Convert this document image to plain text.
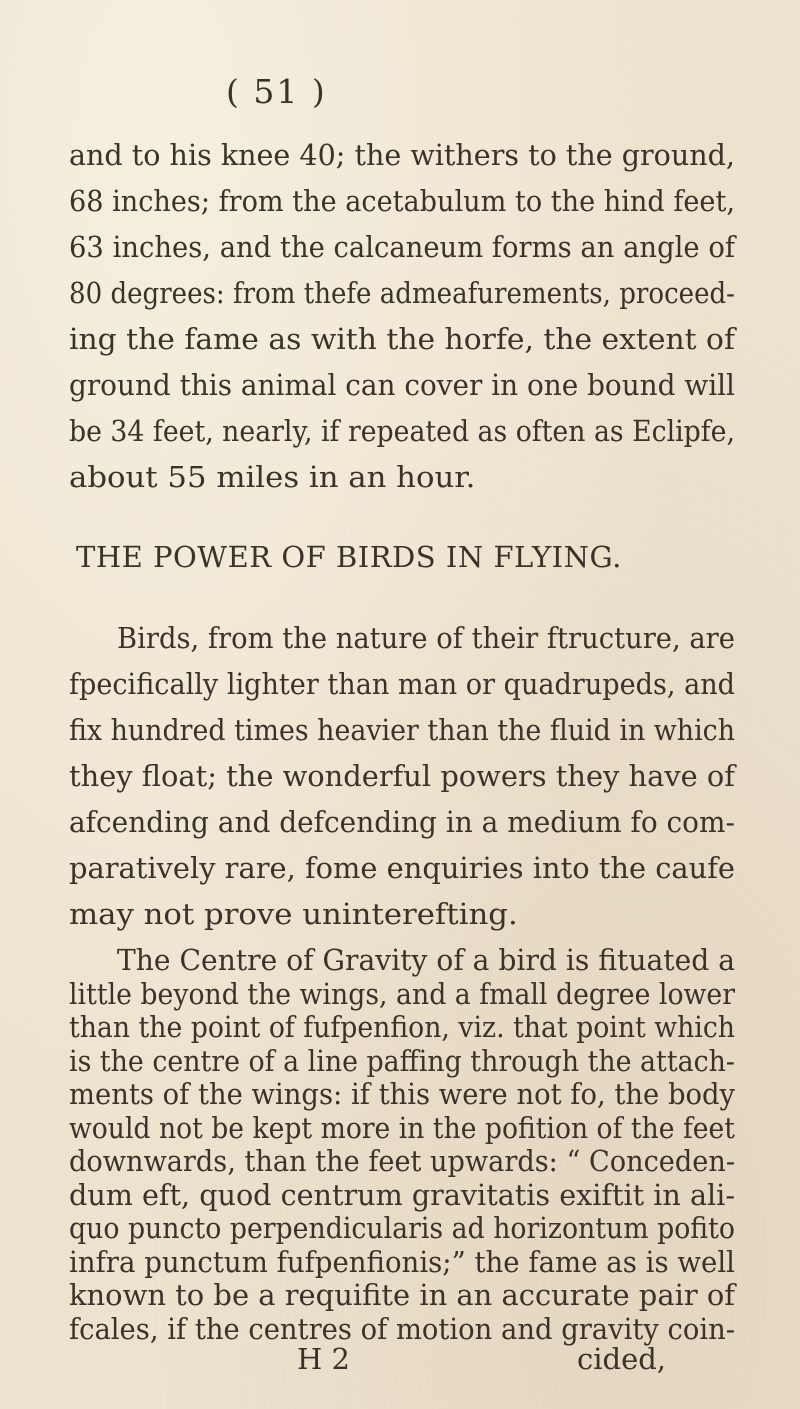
( 51 )
and to his knee 40; the withers to the ground,
68 inches; from the acetabulum to the hind feet,
63 inches, and the calcaneum forms an angle of
80 degrees: from thefe admeafurements, proceed-
ing the fame as with the horfe, the extent of
ground this animal can cover in one bound will
be 34 feet, nearly, if repeated as often as Eclipfe,
about 55 miles in an hour.
THE POWER OF BIRDS IN FLYING.
Birds, from the nature of their ftructure, are
fpecifically lighter than man or quadrupeds, and
fix hundred times heavier than the fluid in which
they float; the wonderful powers they have of
afcending and defcending in a medium fo com-
paratively rare, fome enquiries into the caufe
may not prove uninterefting.
The Centre of Gravity of a bird is fituated a
little beyond the wings, and a fmall degree lower
than the point of fufpenfion, viz. that point which
is the centre of a line paffing through the attach-
ments of the wings: if this were not fo, the body
would not be kept more in the pofition of the feet
downwards, than the feet upwards: “ Conceden-
dum eft, quod centrum gravitatis exiftit in ali-
quo puncto perpendicularis ad horizontum pofito
infra punctum fufpenfionis;” the fame as is well
known to be a requifite in an accurate pair of
fcales, if the centres of motion and gravity coin-
H 2	cided,
